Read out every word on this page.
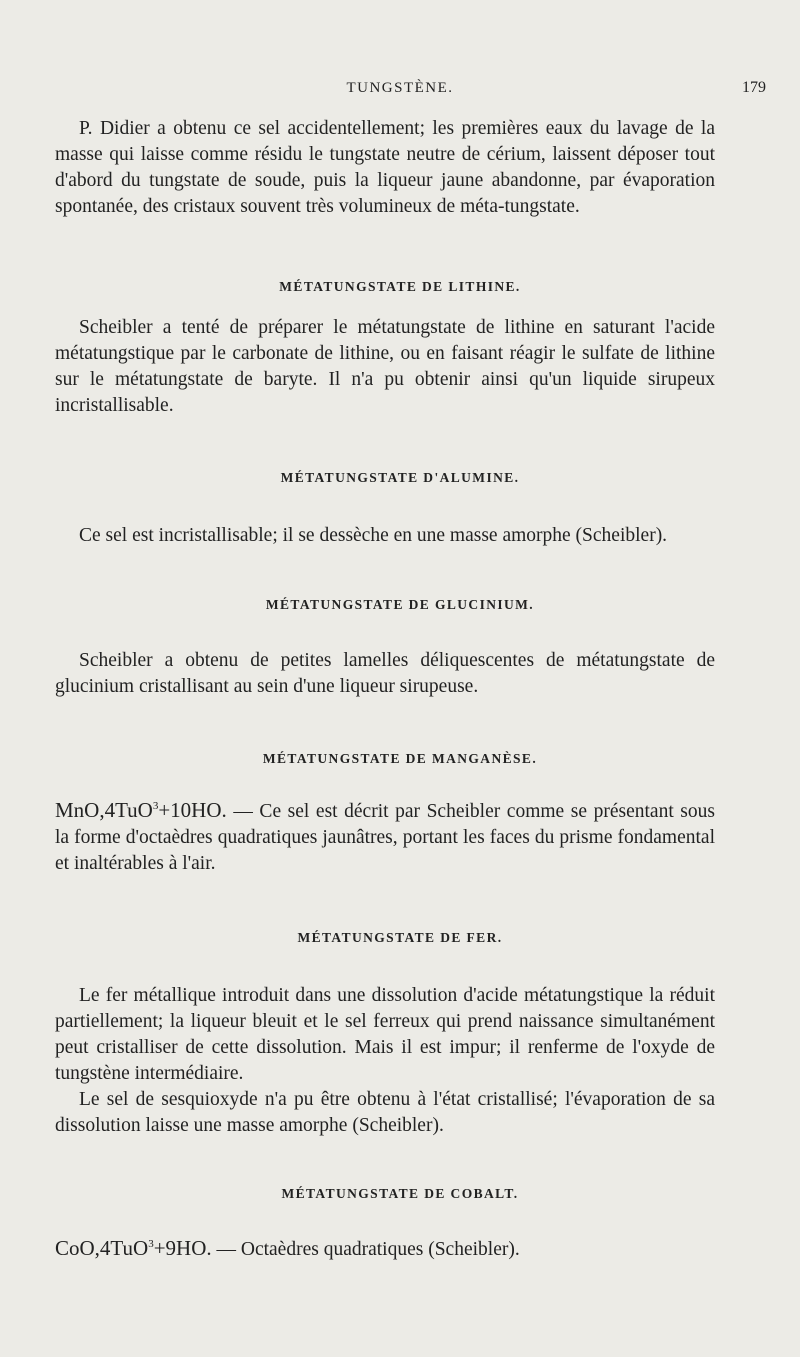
TUNGSTÈNE.	179

P. Didier a obtenu ce sel accidentellement; les premières eaux du lavage de la masse qui laisse comme résidu le tungstate neutre de cérium, laissent déposer tout d'abord du tungstate de soude, puis la liqueur jaune abandonne, par évaporation spontanée, des cristaux souvent très volumineux de méta-tungstate.

MÉTATUNGSTATE DE LITHINE.

Scheibler a tenté de préparer le métatungstate de lithine en saturant l'acide métatungstique par le carbonate de lithine, ou en faisant réagir le sulfate de lithine sur le métatungstate de baryte. Il n'a pu obtenir ainsi qu'un liquide sirupeux incristallisable.

MÉTATUNGSTATE D'ALUMINE.

Ce sel est incristallisable; il se dessèche en une masse amorphe (Scheibler).

MÉTATUNGSTATE DE GLUCINIUM.

Scheibler a obtenu de petites lamelles déliquescentes de métatungstate de glucinium cristallisant au sein d'une liqueur sirupeuse.

MÉTATUNGSTATE DE MANGANÈSE.

MnO,4TuO$^3$+10HO. — Ce sel est décrit par Scheibler comme se présentant sous la forme d'octaèdres quadratiques jaunâtres, portant les faces du prisme fondamental et inaltérables à l'air.

MÉTATUNGSTATE DE FER.

Le fer métallique introduit dans une dissolution d'acide métatungstique la réduit partiellement; la liqueur bleuit et le sel ferreux qui prend naissance simultanément peut cristalliser de cette dissolution. Mais il est impur; il renferme de l'oxyde de tungstène intermédiaire.

Le sel de sesquioxyde n'a pu être obtenu à l'état cristallisé; l'évaporation de sa dissolution laisse une masse amorphe (Scheibler).

MÉTATUNGSTATE DE COBALT.

CoO,4TuO$^3$+9HO. — Octaèdres quadratiques (Scheibler).
